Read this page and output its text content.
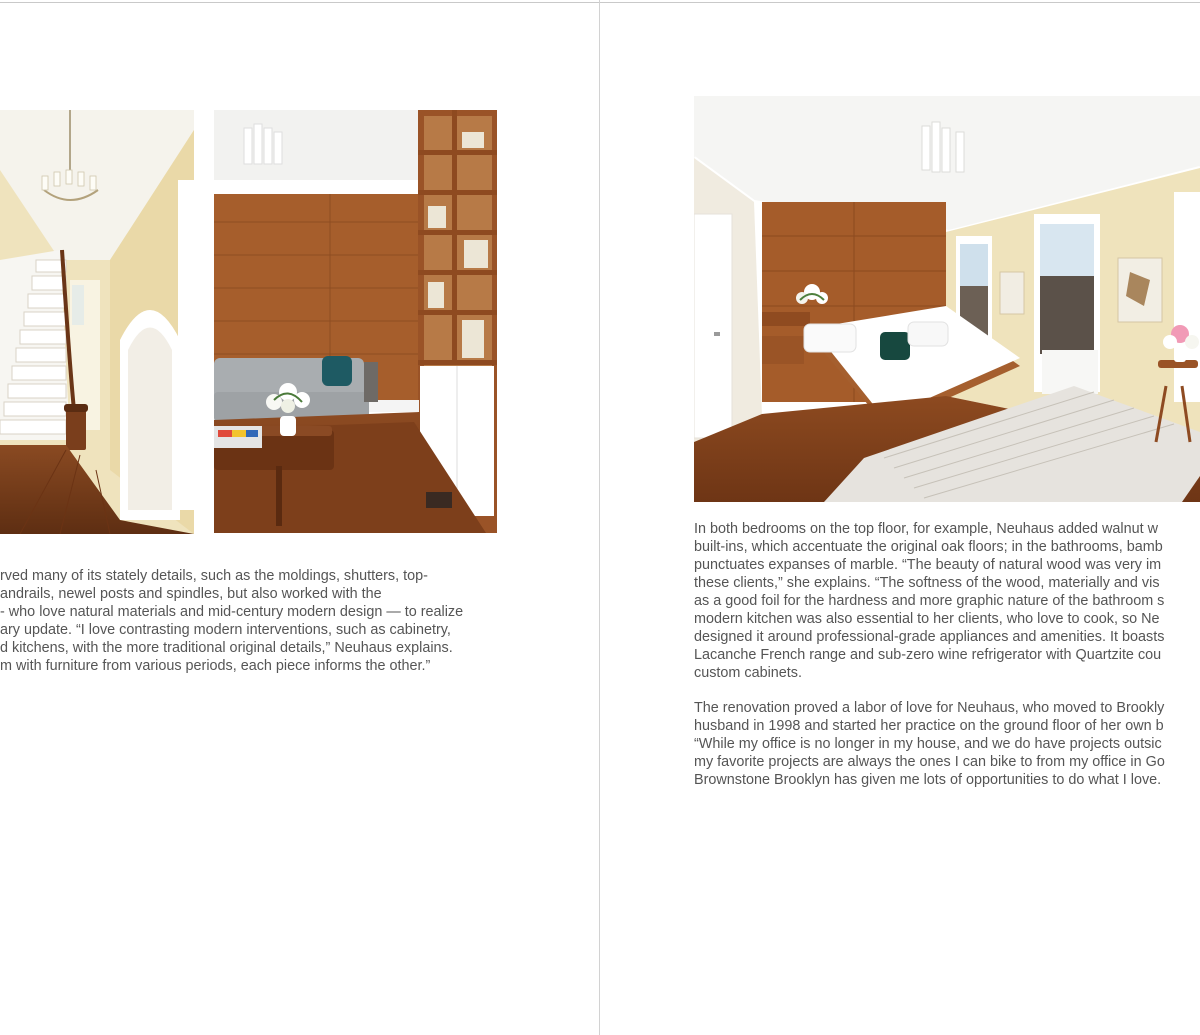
rved many of its stately details, such as the moldings, shutters, top-
andrails, newel posts and spindles, but also worked with the
- who love natural materials and mid-century modern design — to realize
ary update. “I love contrasting modern interventions, such as cabinetry,
d kitchens, with the more traditional original details,” Neuhaus explains.
m with furniture from various periods, each piece informs the other.”

In both bedrooms on the top floor, for example, Neuhaus added walnut w
built-ins, which accentuate the original oak floors; in the bathrooms, bamb
punctuates expanses of marble. “The beauty of natural wood was very im
these clients,” she explains. “The softness of the wood, materially and vis
as a good foil for the hardness and more graphic nature of the bathroom s
modern kitchen was also essential to her clients, who love to cook, so Ne
designed it around professional-grade appliances and amenities. It boasts
Lacanche French range and sub-zero wine refrigerator with Quartzite cou
custom cabinets.

The renovation proved a labor of love for Neuhaus, who moved to Brookly
husband in 1998 and started her practice on the ground floor of her own b
“While my office is no longer in my house, and we do have projects outsic
my favorite projects are always the ones I can bike to from my office in Go
Brownstone Brooklyn has given me lots of opportunities to do what I love.
